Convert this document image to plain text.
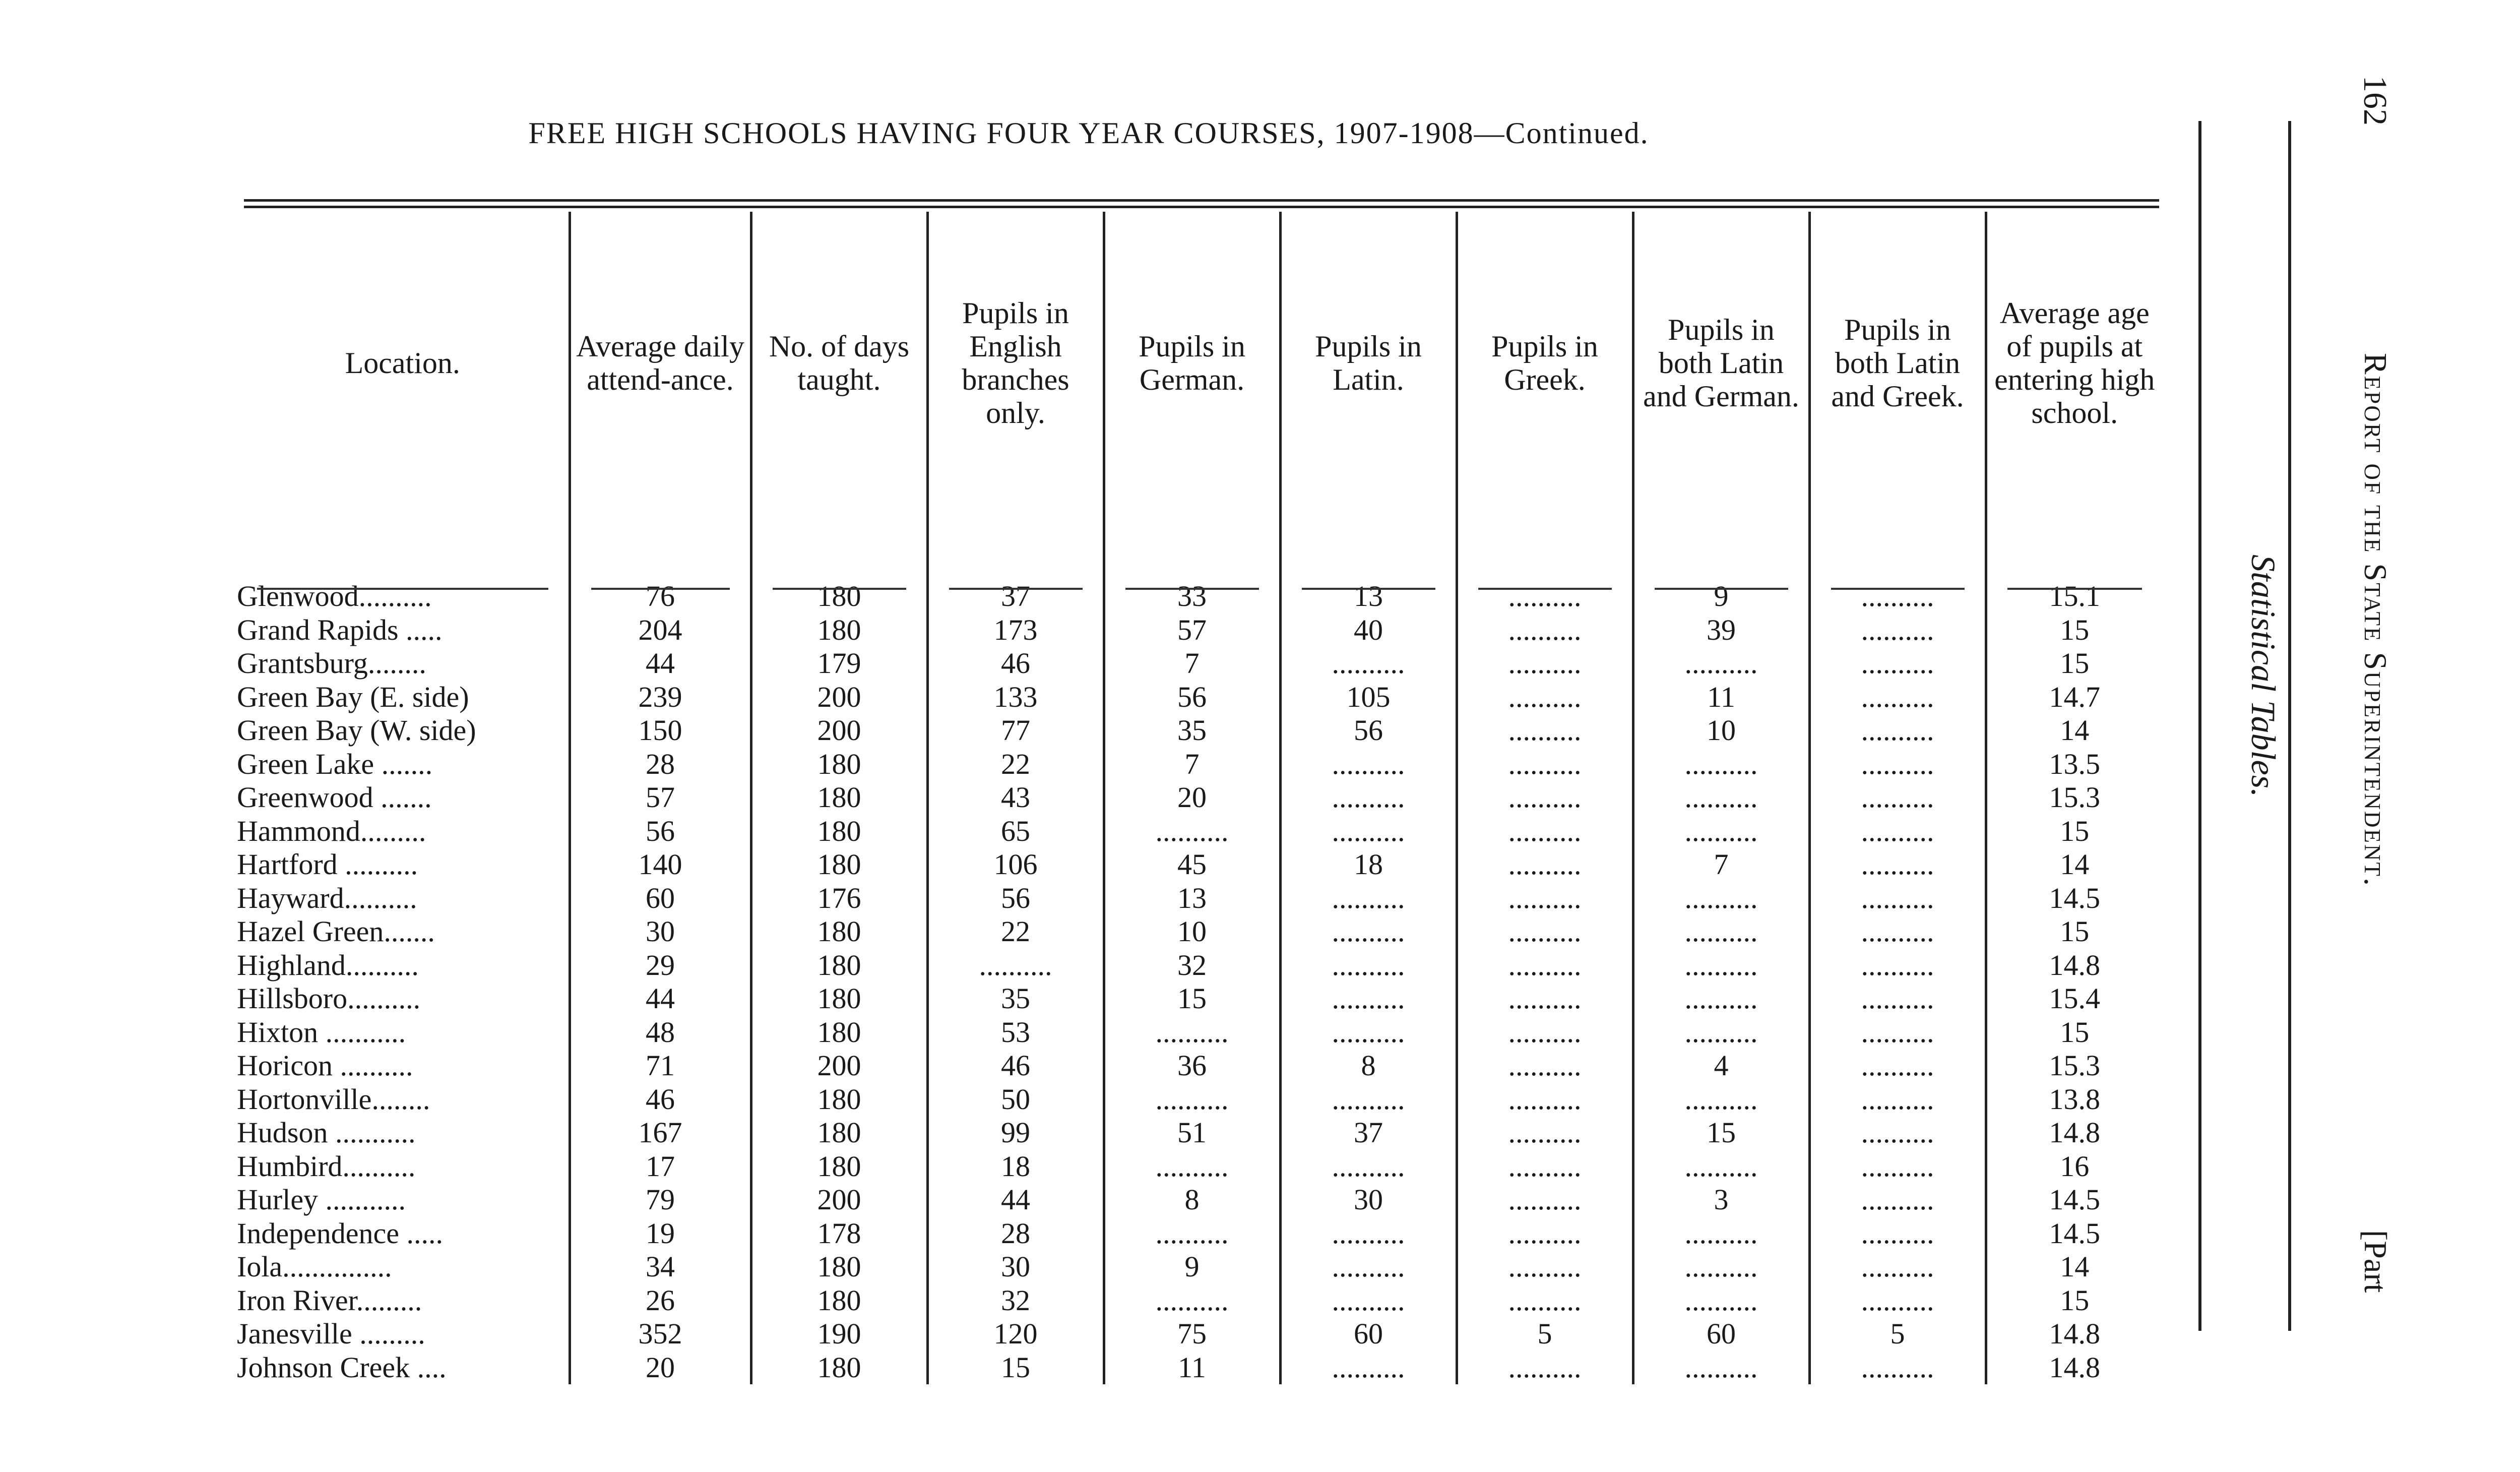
FREE HIGH SCHOOLS HAVING FOUR YEAR COURSES, 1907-1908—Continued.
Location.	Average daily attend-ance.	No. of days taught.	Pupils in English branches only.	Pupils in German.	Pupils in Latin.	Pupils in Greek.	Pupils in both Latin and German.	Pupils in both Latin and Greek.	Average age of pupils at entering high school.

Glenwood..........	76	180	37	33	13	..........	9	..........	15.1
Grand Rapids .....	204	180	173	57	40	..........	39	..........	15
Grantsburg........	44	179	46	7	..........	..........	..........	..........	15
Green Bay (E. side)	239	200	133	56	105	..........	11	..........	14.7
Green Bay (W. side)	150	200	77	35	56	..........	10	..........	14
Green Lake .......	28	180	22	7	..........	..........	..........	..........	13.5
Greenwood .......	57	180	43	20	..........	..........	..........	..........	15.3
Hammond.........	56	180	65	..........	..........	..........	..........	..........	15
Hartford ..........	140	180	106	45	18	..........	7	..........	14
Hayward..........	60	176	56	13	..........	..........	..........	..........	14.5
Hazel Green.......	30	180	22	10	..........	..........	..........	..........	15
Highland..........	29	180	..........	32	..........	..........	..........	..........	14.8
Hillsboro..........	44	180	35	15	..........	..........	..........	..........	15.4
Hixton ...........	48	180	53	..........	..........	..........	..........	..........	15
Horicon ..........	71	200	46	36	8	..........	4	..........	15.3
Hortonville........	46	180	50	..........	..........	..........	..........	..........	13.8
Hudson ...........	167	180	99	51	37	..........	15	..........	14.8
Humbird..........	17	180	18	..........	..........	..........	..........	..........	16
Hurley ...........	79	200	44	8	30	..........	3	..........	14.5
Independence .....	19	178	28	..........	..........	..........	..........	..........	14.5
Iola...............	34	180	30	9	..........	..........	..........	..........	14
Iron River.........	26	180	32	..........	..........	..........	..........	..........	15
Janesville .........	352	190	120	75	60	5	60	5	14.8
Johnson Creek ....	20	180	15	11	..........	..........	..........	..........	14.8
162
Report of the State Superintendent.
Statistical Tables.
[Part
